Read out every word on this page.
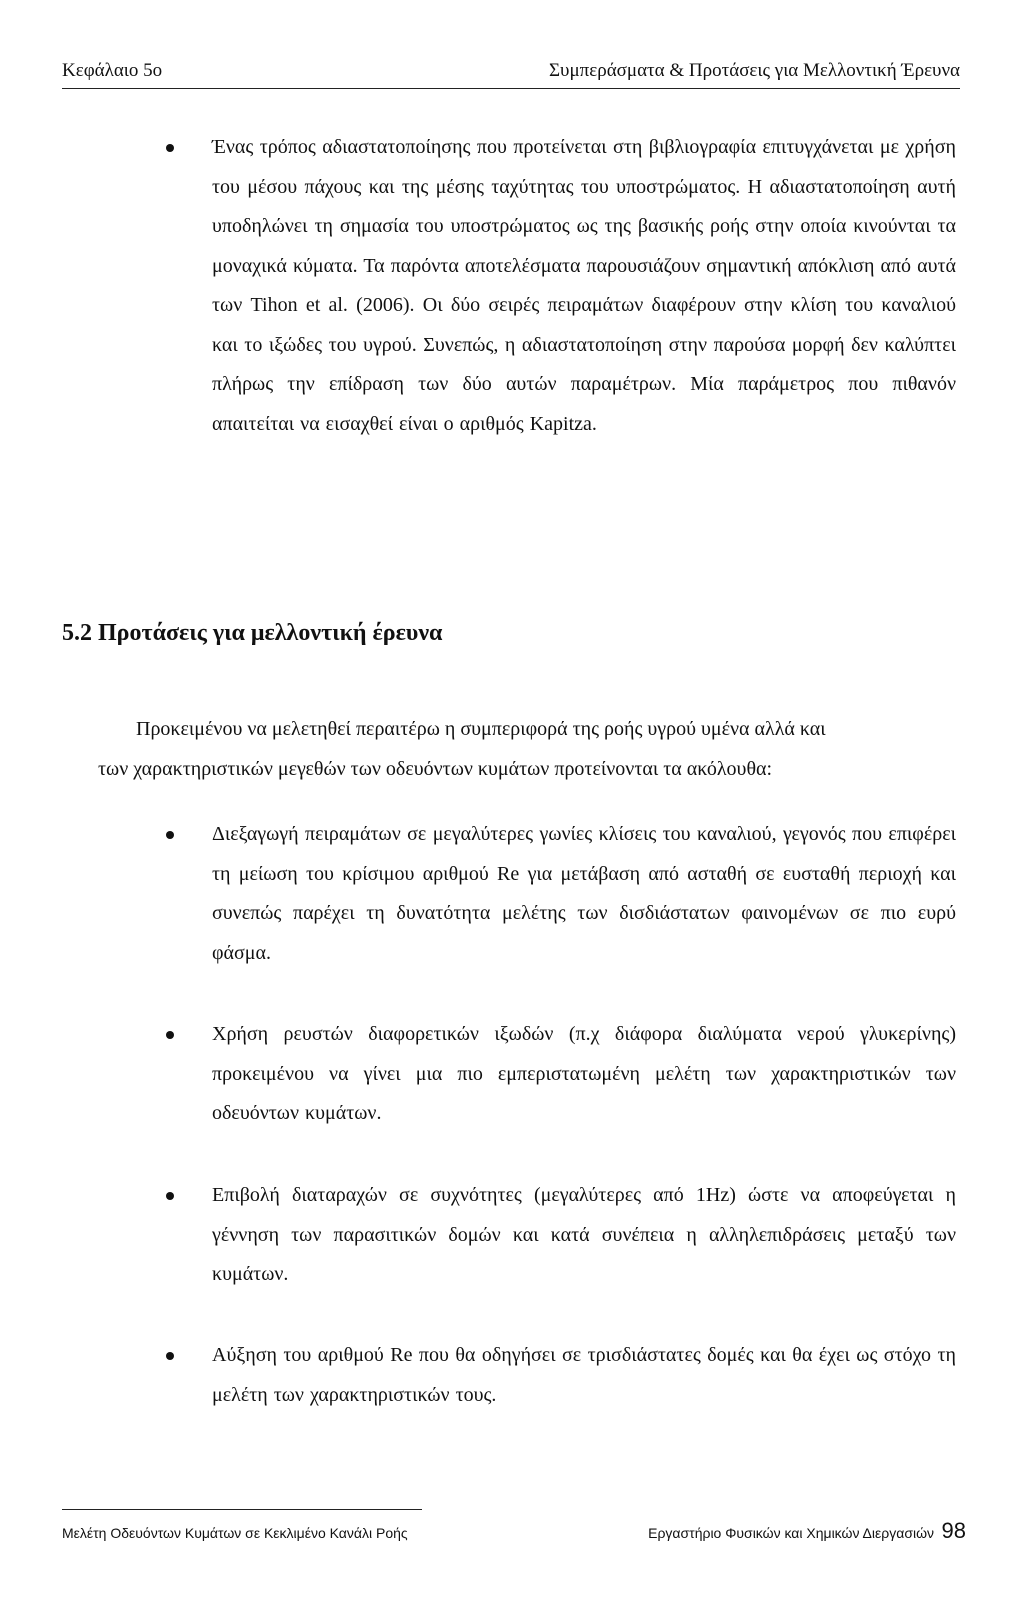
Κεφάλαιο 5ο	Συμπεράσματα & Προτάσεις για Μελλοντική Έρευνα
Ένας τρόπος αδιαστατοποίησης που προτείνεται στη βιβλιογραφία επιτυγχάνεται με χρήση του μέσου πάχους και της μέσης ταχύτητας του υποστρώματος. Η αδιαστατοποίηση αυτή υποδηλώνει τη σημασία του υποστρώματος ως της βασικής ροής στην οποία κινούνται τα μοναχικά κύματα. Τα παρόντα αποτελέσματα παρουσιάζουν σημαντική απόκλιση από αυτά των Tihon et al. (2006). Οι δύο σειρές πειραμάτων διαφέρουν στην κλίση του καναλιού και το ιξώδες του υγρού. Συνεπώς, η αδιαστατοποίηση στην παρούσα μορφή δεν καλύπτει πλήρως την επίδραση των δύο αυτών παραμέτρων. Μία παράμετρος που πιθανόν απαιτείται να εισαχθεί είναι ο αριθμός Kapitza.
5.2 Προτάσεις για μελλοντική έρευνα
Προκειμένου να μελετηθεί περαιτέρω η συμπεριφορά της ροής υγρού υμένα αλλά και
των χαρακτηριστικών μεγεθών των οδευόντων κυμάτων προτείνονται τα ακόλουθα:
Διεξαγωγή πειραμάτων σε μεγαλύτερες γωνίες κλίσεις του καναλιού, γεγονός που επιφέρει τη μείωση του κρίσιμου αριθμού Re για μετάβαση από ασταθή σε ευσταθή περιοχή και συνεπώς παρέχει τη δυνατότητα μελέτης των δισδιάστατων φαινομένων σε πιο ευρύ φάσμα.
Χρήση ρευστών διαφορετικών ιξωδών (π.χ διάφορα διαλύματα νερού γλυκερίνης) προκειμένου να γίνει μια πιο εμπεριστατωμένη μελέτη των χαρακτηριστικών των οδευόντων κυμάτων.
Επιβολή διαταραχών σε συχνότητες (μεγαλύτερες από 1Hz) ώστε να αποφεύγεται η γέννηση των παρασιτικών δομών και κατά συνέπεια η αλληλεπιδράσεις μεταξύ των κυμάτων.
Αύξηση του αριθμού Re που θα οδηγήσει σε τρισδιάστατες δομές και θα έχει ως στόχο τη μελέτη των χαρακτηριστικών τους.
Μελέτη Οδευόντων Κυμάτων σε Κεκλιμένο Κανάλι Ροής	Εργαστήριο Φυσικών και Χημικών Διεργασιών 98
